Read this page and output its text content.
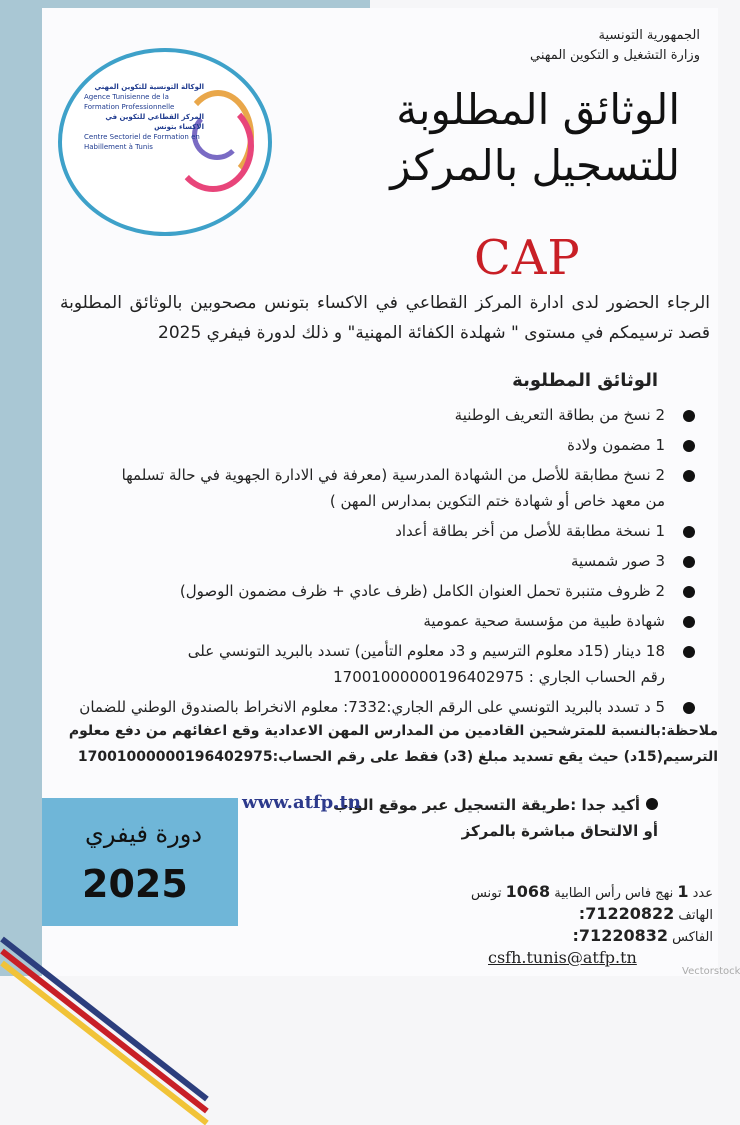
الجمهورية التونسية
وزارة التشغيل و التكوين المهني
الوكالة التونسية للتكوين المهني
Agence Tunisienne de la Formation Professionnelle
المركز القطاعي للتكوين في الاكساء بتونس
Centre Sectoriel de Formation en Habillement à Tunis
الوثائق المطلوبة
للتسجيل بالمركز
CAP
الرجاء الحضور لدى ادارة المركز القطاعي في الاكساء بتونس مصحوبين بالوثائق المطلوبة قصد ترسيمكم في مستوى " شهلدة الكفائة المهنية" و ذلك لدورة فيفري 2025
الوثائق المطلوبة
2 نسخ من بطاقة التعريف الوطنية
1 مضمون ولادة
2 نسخ مطابقة للأصل من الشهادة المدرسية (معرفة في الادارة الجهوية في حالة تسلمها
من معهد خاص أو شهادة ختم التكوين بمدارس المهن )
1 نسخة مطابقة للأصل من أخر بطاقة أعداد
3 صور شمسية
2 ظروف متنبرة تحمل العنوان الكامل (ظرف عادي + ظرف مضمون الوصول)
شهادة طبية من مؤسسة صحية عمومية
18 دينار (15د معلوم الترسيم و 3د معلوم التأمين) تسدد بالبريد التونسي على
رقم الحساب الجاري : 17001000000196402975
5 د تسدد بالبريد التونسي على الرقم الجاري:7332: معلوم الانخراط بالصندوق الوطني للضمان
ملاحظة:بالنسبة للمترشحين القادمين من المدارس المهن الاعدادية وقع اعفائهم من دفع معلوم
الترسيم(15د) حيث يقع تسديد مبلغ (3د) فقط على رقم الحساب:17001000000196402975
أكيد جدا :طريقة التسجيل عبر موقع الواب
أو الالتحاق مباشرة بالمركز
www.atfp.tn
دورة فيفري
2025	عدد 1 نهج فاس رأس الطابية 1068 تونس
الهاتف 71220822:
الفاكس 71220832:
csfh.tunis@atfp.tn
Vectorstock
